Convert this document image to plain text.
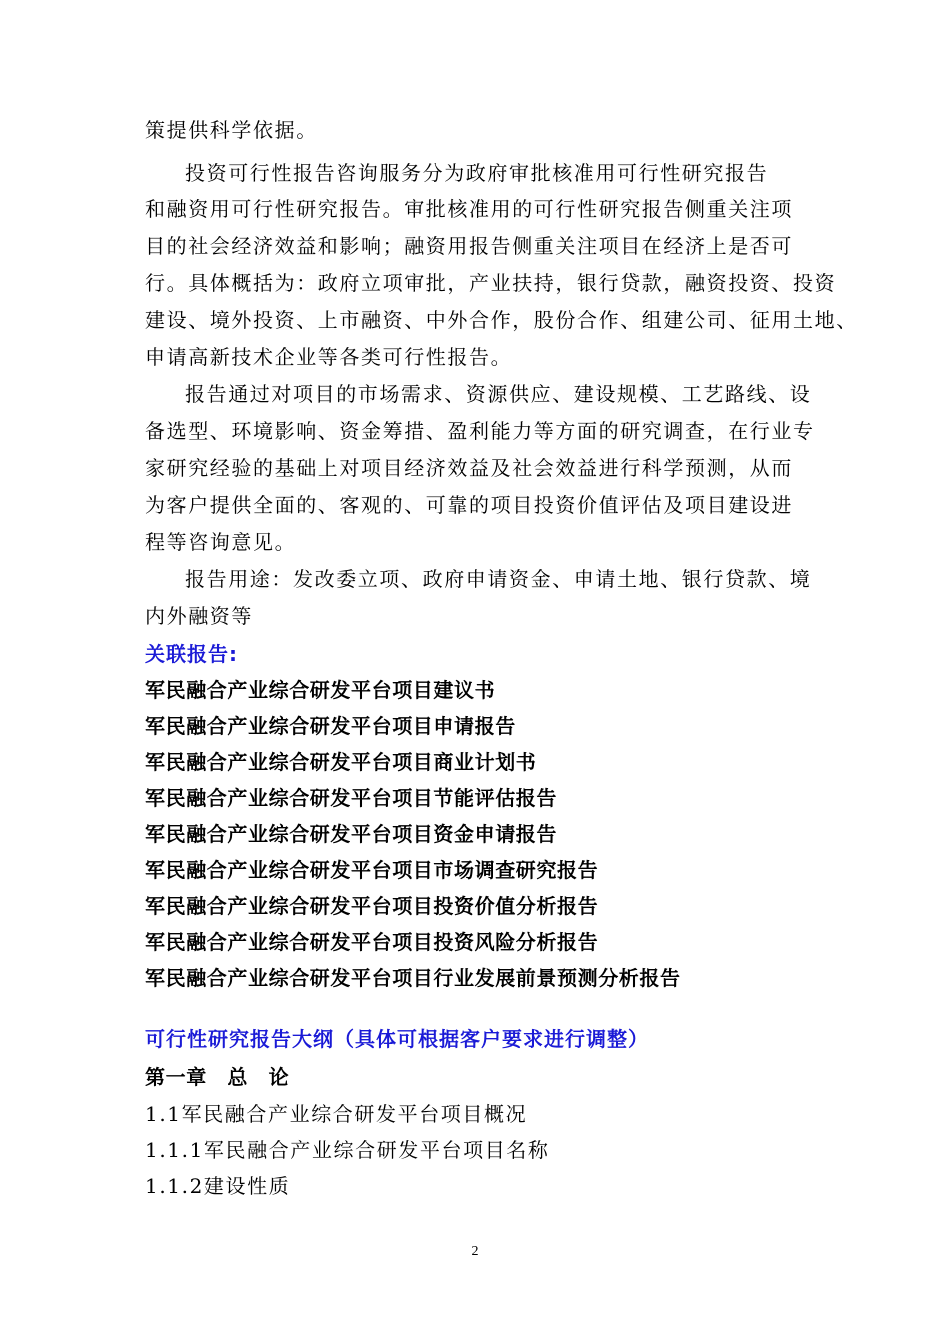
策提供科学依据。
投资可行性报告咨询服务分为政府审批核准用可行性研究报告
和融资用可行性研究报告。审批核准用的可行性研究报告侧重关注项
目的社会经济效益和影响；融资用报告侧重关注项目在经济上是否可
行。具体概括为：政府立项审批，产业扶持，银行贷款，融资投资、投资
建设、境外投资、上市融资、中外合作，股份合作、组建公司、征用土地、
申请高新技术企业等各类可行性报告。
报告通过对项目的市场需求、资源供应、建设规模、工艺路线、设
备选型、环境影响、资金筹措、盈利能力等方面的研究调查，在行业专
家研究经验的基础上对项目经济效益及社会效益进行科学预测，从而
为客户提供全面的、客观的、可靠的项目投资价值评估及项目建设进
程等咨询意见。
报告用途：发改委立项、政府申请资金、申请土地、银行贷款、境
内外融资等
关联报告:
军民融合产业综合研发平台项目建议书
军民融合产业综合研发平台项目申请报告
军民融合产业综合研发平台项目商业计划书
军民融合产业综合研发平台项目节能评估报告
军民融合产业综合研发平台项目资金申请报告
军民融合产业综合研发平台项目市场调查研究报告
军民融合产业综合研发平台项目投资价值分析报告
军民融合产业综合研发平台项目投资风险分析报告
军民融合产业综合研发平台项目行业发展前景预测分析报告
可行性研究报告大纲（具体可根据客户要求进行调整）
第一章　总　论
1.1军民融合产业综合研发平台项目概况
1.1.1军民融合产业综合研发平台项目名称
1.1.2建设性质
2
